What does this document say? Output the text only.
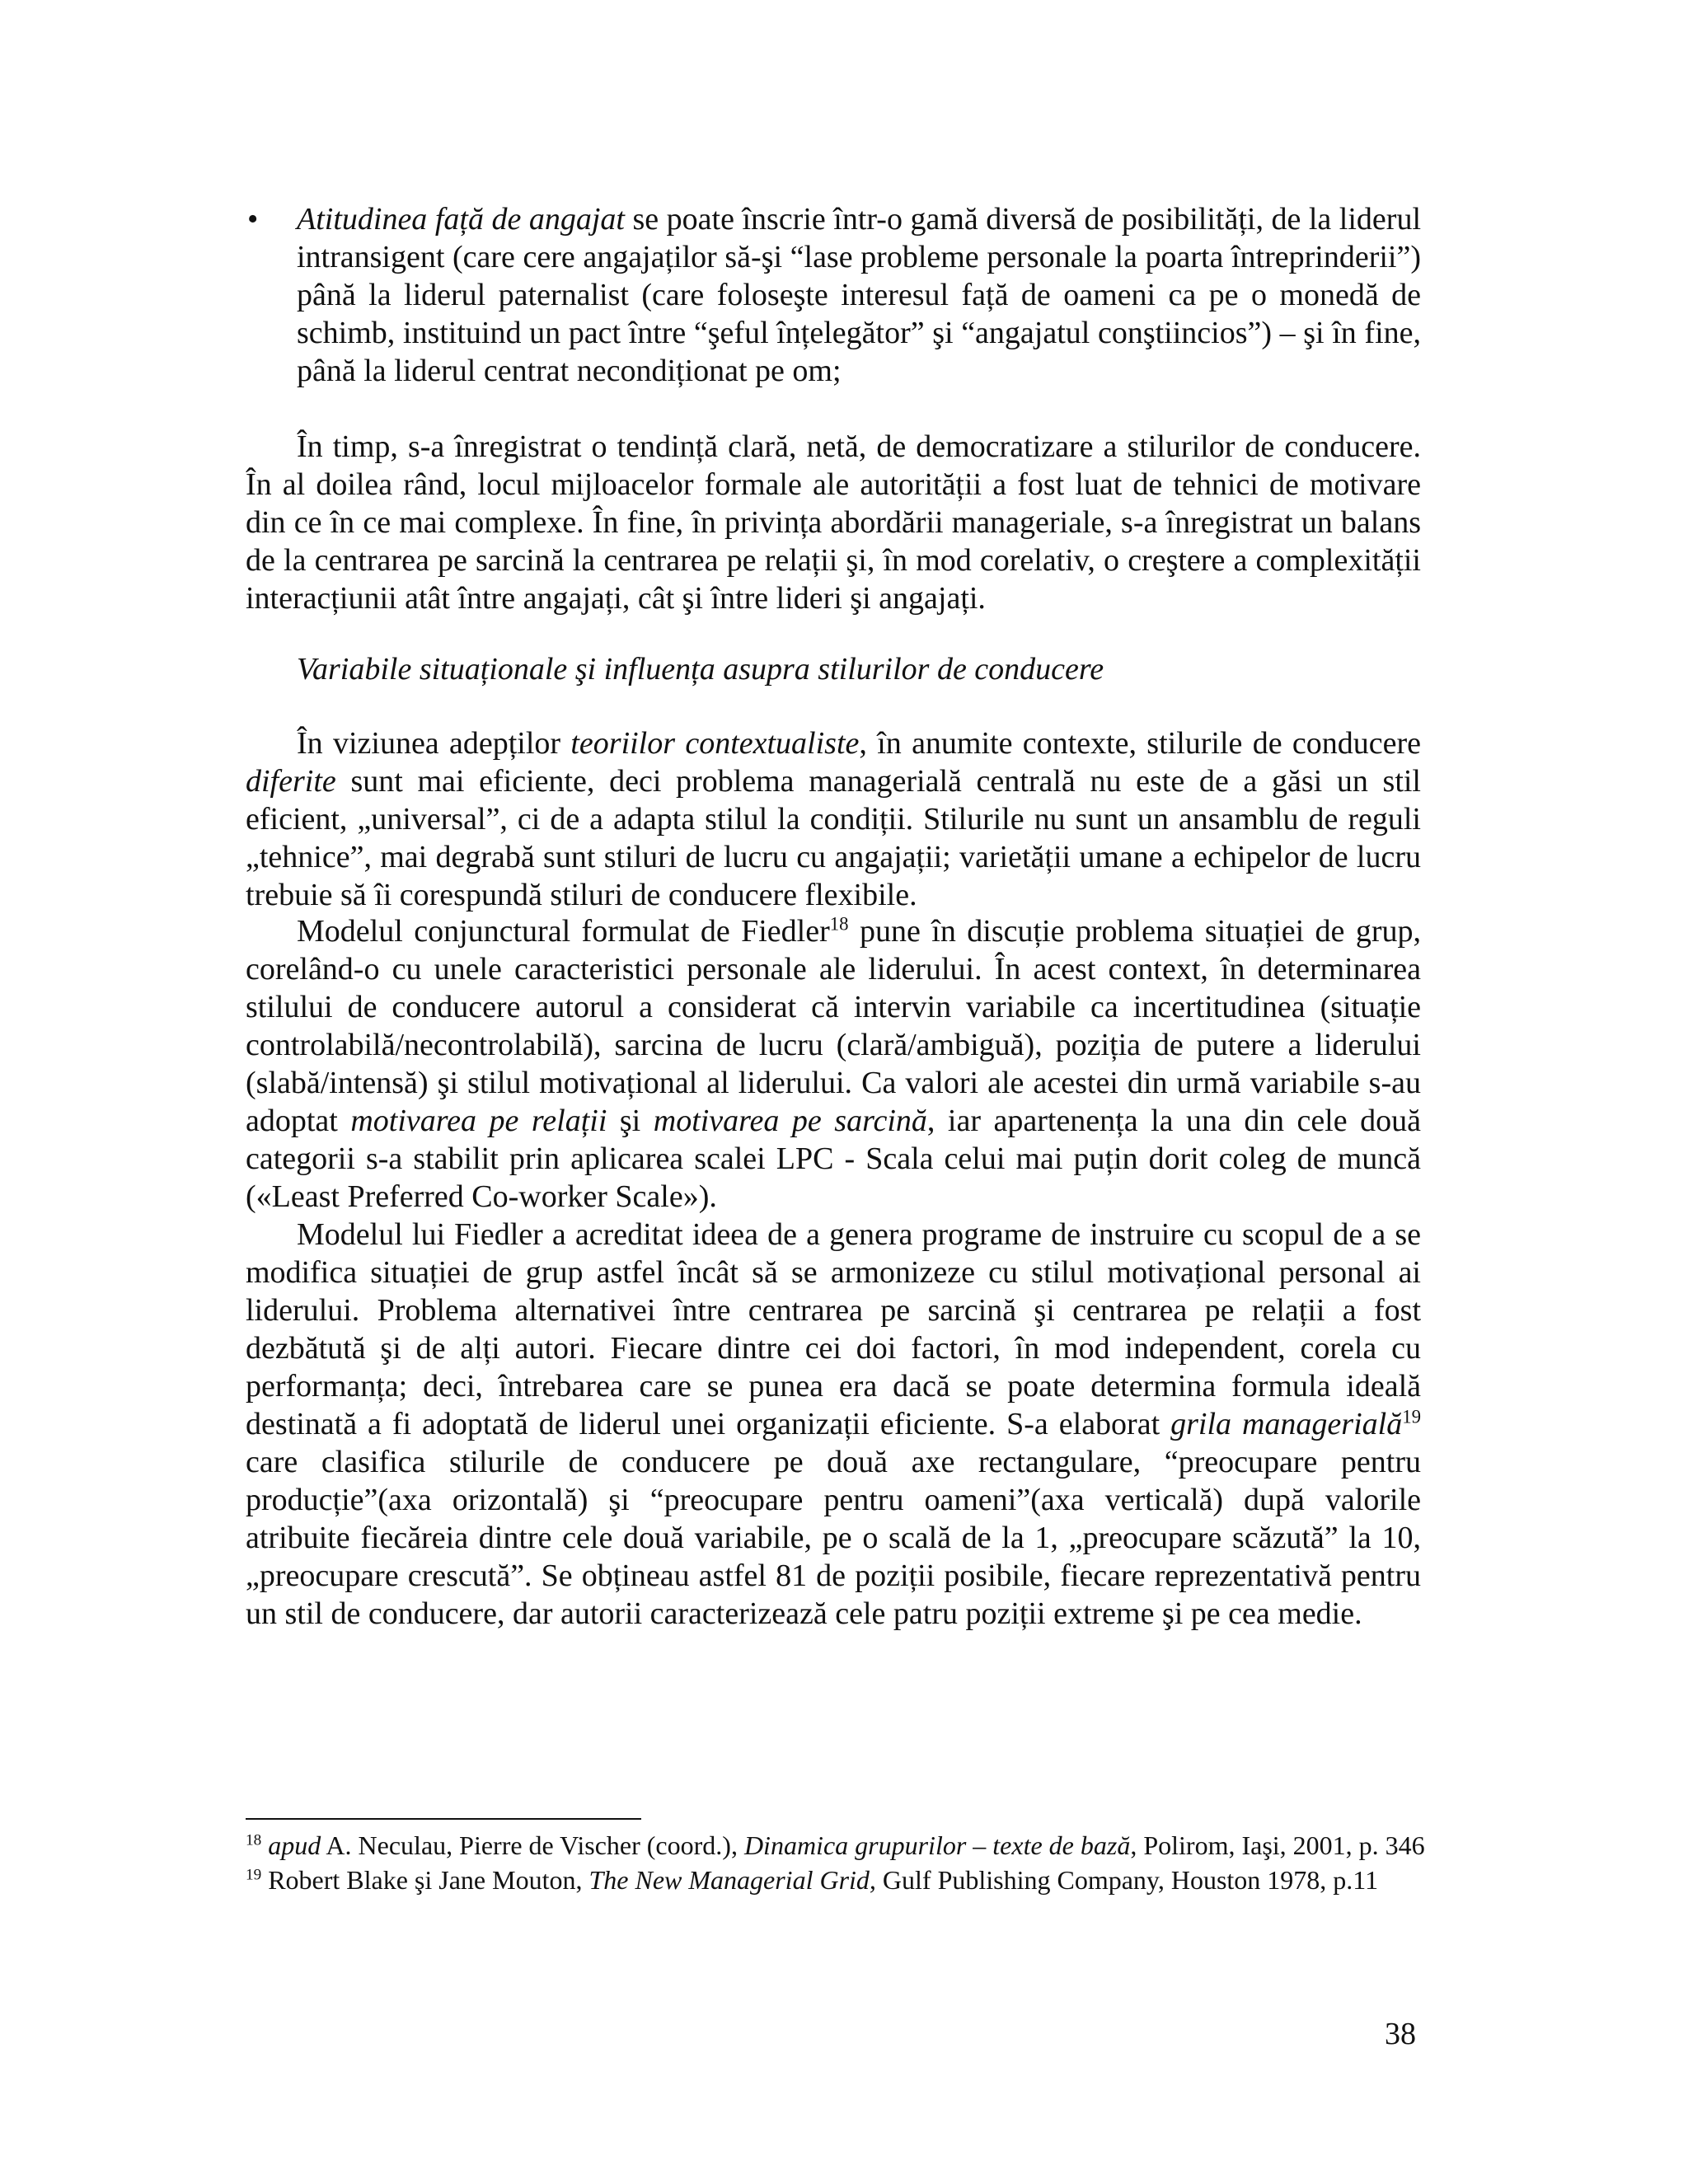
• Atitudinea față de angajat se poate înscrie într-o gamă diversă de posibilități, de la liderul intransigent (care cere angajaților să-şi “lase probleme personale la poarta întreprinderii”) până la liderul paternalist (care foloseşte interesul față de oameni ca pe o monedă de schimb, instituind un pact între “şeful înțelegător” şi “angajatul conştiincios”) – şi în fine, până la liderul centrat necondiționat pe om;

În timp, s-a înregistrat o tendință clară, netă, de democratizare a stilurilor de conducere. În al doilea rând, locul mijloacelor formale ale autorității a fost luat de tehnici de motivare din ce în ce mai complexe. În fine, în privința abordării manageriale, s-a înregistrat un balans de la centrarea pe sarcină la centrarea pe relații şi, în mod corelativ, o creştere a complexității interacțiunii atât între angajați, cât şi între lideri şi angajați.

Variabile situaționale şi influența asupra stilurilor de conducere

În viziunea adepților teoriilor contextualiste, în anumite contexte, stilurile de conducere diferite sunt mai eficiente, deci problema managerială centrală nu este de a găsi un stil eficient, „universal”, ci de a adapta stilul la condiții. Stilurile nu sunt un ansamblu de reguli „tehnice”, mai degrabă sunt stiluri de lucru cu angajații; varietății umane a echipelor de lucru trebuie să îi corespundă stiluri de conducere flexibile.

Modelul conjunctural formulat de Fiedler$^{18}$ pune în discuție problema situației de grup, corelând-o cu unele caracteristici personale ale liderului. În acest context, în determinarea stilului de conducere autorul a considerat că intervin variabile ca incertitudinea (situație controlabilă/necontrolabilă), sarcina de lucru (clară/ambiguă), poziția de putere a liderului (slabă/intensă) şi stilul motivațional al liderului. Ca valori ale acestei din urmă variabile s-au adoptat motivarea pe relații şi motivarea pe sarcină, iar apartenența la una din cele două categorii s-a stabilit prin aplicarea scalei LPC - Scala celui mai puțin dorit coleg de muncă («Least Preferred Co-worker Scale»).

Modelul lui Fiedler a acreditat ideea de a genera programe de instruire cu scopul de a se modifica situației de grup astfel încât să se armonizeze cu stilul motivațional personal ai liderului. Problema alternativei între centrarea pe sarcină şi centrarea pe relații a fost dezbătută şi de alți autori. Fiecare dintre cei doi factori, în mod independent, corela cu performanța; deci, întrebarea care se punea era dacă se poate determina formula ideală destinată a fi adoptată de liderul unei organizații eficiente. S-a elaborat grila managerială$^{19}$ care clasifica stilurile de conducere pe două axe rectangulare, “preocupare pentru producție”(axa orizontală) şi “preocupare pentru oameni”(axa verticală) după valorile atribuite fiecăreia dintre cele două variabile, pe o scală de la 1, „preocupare scăzută” la 10, „preocupare crescută”. Se obțineau astfel 81 de poziții posibile, fiecare reprezentativă pentru un stil de conducere, dar autorii caracterizează cele patru poziții extreme şi pe cea medie.

$^{18}$ apud A. Neculau, Pierre de Vischer (coord.), Dinamica grupurilor – texte de bază, Polirom, Iaşi, 2001, p. 346

$^{19}$ Robert Blake şi Jane Mouton, The New Managerial Grid, Gulf Publishing Company, Houston 1978, p.11

38
